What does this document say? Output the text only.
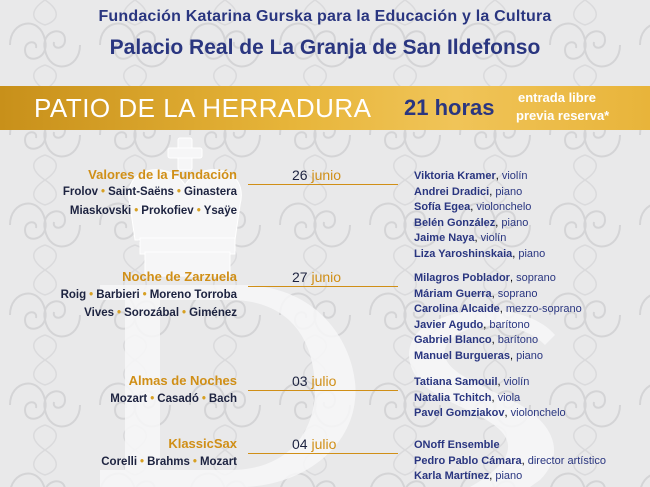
Fundación Katarina Gurska para la Educación y la Cultura
Palacio Real de La Granja de San Ildefonso
PATIO DE LA HERRADURA 21 horas entrada libre
previa reserva*
Valores de la Fundación
Frolov • Saint-Saëns • Ginastera
Miaskovski • Prokofiev • Ysaÿe
26 junio	Viktoria Kramer, violín
Andrei Dradici, piano
Sofía Egea, violonchelo
Belén González, piano
Jaime Naya, violín
Liza Yaroshinskaia, piano
Noche de Zarzuela
Roig • Barbieri • Moreno Torroba
Vives • Sorozábal • Giménez
27 junio	Milagros Poblador, soprano
Máriam Guerra, soprano
Carolina Alcaide, mezzo-soprano
Javier Agudo, barítono
Gabriel Blanco, barítono
Manuel Burgueras, piano
Almas de Noches
Mozart • Casadó • Bach
03 julio	Tatiana Samouil, violín
Natalia Tchitch, viola
Pavel Gomziakov, violonchelo
KlassicSax
Corelli • Brahms • Mozart
04 julio	ONoff Ensemble
Pedro Pablo Cámara, director artístico
Karla Martínez, piano
